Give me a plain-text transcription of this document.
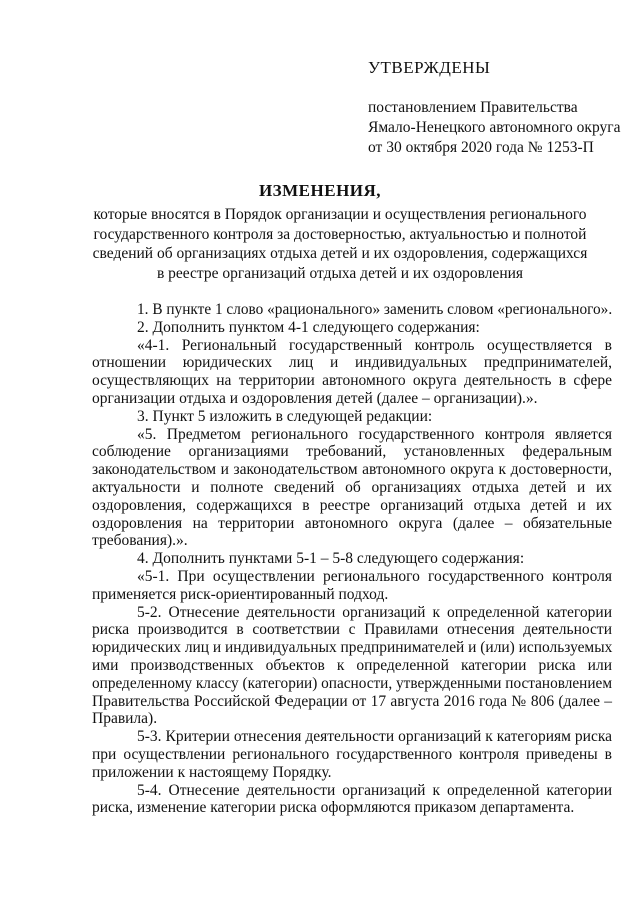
УТВЕРЖДЕНЫ
постановлением Правительства
Ямало-Ненецкого автономного округа
от 30 октября 2020 года № 1253-П
ИЗМЕНЕНИЯ,
которые вносятся в Порядок организации и осуществления регионального
государственного контроля за достоверностью, актуальностью и полнотой
сведений об организациях отдыха детей и их оздоровления, содержащихся
в реестре организаций отдыха детей и их оздоровления
1. В пункте 1 слово «рационального» заменить словом «регионального».
2. Дополнить пунктом 4-1 следующего содержания:
«4-1. Региональный государственный контроль осуществляется в
отношении юридических лиц и индивидуальных предпринимателей,
осуществляющих на территории автономного округа деятельность в сфере
организации отдыха и оздоровления детей (далее – организации).».
3. Пункт 5 изложить в следующей редакции:
«5. Предметом регионального государственного контроля является
соблюдение организациями требований, установленных федеральным
законодательством и законодательством автономного округа к достоверности,
актуальности и полноте сведений об организациях отдыха детей и их
оздоровления, содержащихся в реестре организаций отдыха детей и их
оздоровления на территории автономного округа (далее – обязательные
требования).».
4. Дополнить пунктами 5-1 – 5-8 следующего содержания:
«5-1. При осуществлении регионального государственного контроля
применяется риск-ориентированный подход.
5-2. Отнесение деятельности организаций к определенной категории
риска производится в соответствии с Правилами отнесения деятельности
юридических лиц и индивидуальных предпринимателей и (или) используемых
ими производственных объектов к определенной категории риска или
определенному классу (категории) опасности, утвержденными постановлением
Правительства Российской Федерации от 17 августа 2016 года № 806 (далее –
Правила).
5-3. Критерии отнесения деятельности организаций к категориям риска
при осуществлении регионального государственного контроля приведены в
приложении к настоящему Порядку.
5-4. Отнесение деятельности организаций к определенной категории
риска, изменение категории риска оформляются приказом департамента.
